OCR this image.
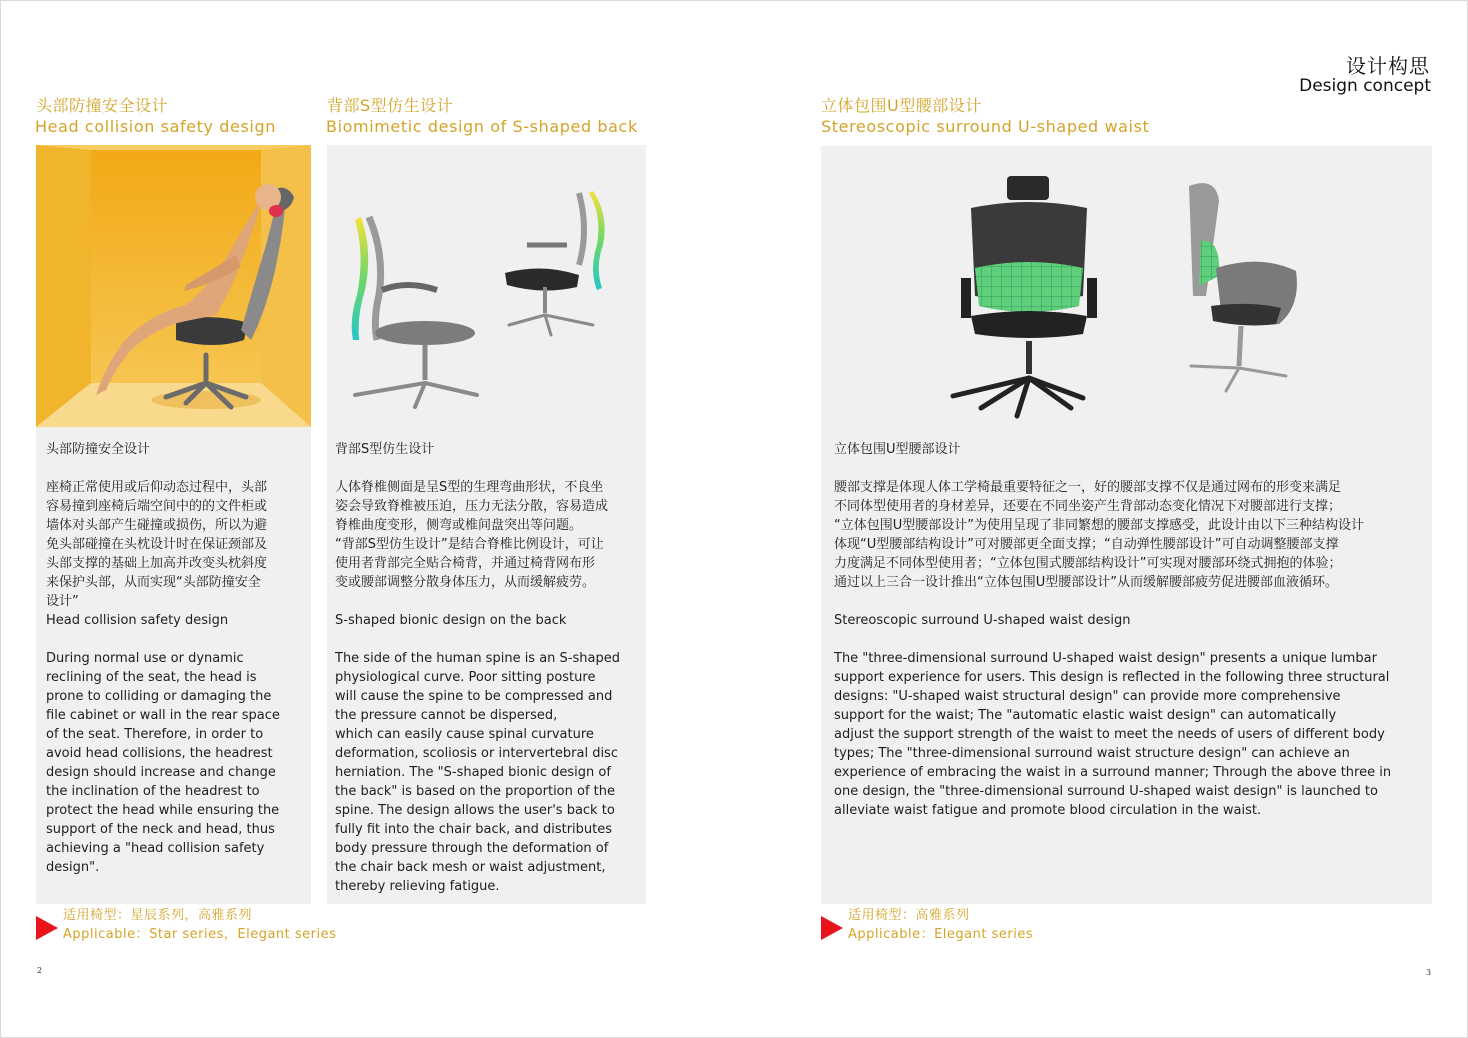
设计构思
Design concept
头部防撞安全设计
Head collision safety design
背部S型仿生设计
Biomimetic design of S-shaped back
立体包围U型腰部设计
Stereoscopic surround U-shaped waist

头部防撞安全设计

座椅正常使用或后仰动态过程中，头部

容易撞到座椅后端空间中的的文件柜或

墙体对头部产生碰撞或损伤，所以为避

免头部碰撞在头枕设计时在保证颈部及

头部支撑的基础上加高并改变头枕斜度

来保护头部，从而实现“头部防撞安全

设计”

Head collision safety design

During normal use or dynamic

reclining of the seat, the head is

prone to colliding or damaging the

file cabinet or wall in the rear space

of the seat. Therefore, in order to

avoid head collisions, the headrest

design should increase and change

the inclination of the headrest to

protect the head while ensuring the

support of the neck and head, thus

achieving a "head collision safety

design".

背部S型仿生设计

人体脊椎侧面是呈S型的生理弯曲形状，不良坐

姿会导致脊椎被压迫，压力无法分散，容易造成

脊椎曲度变形，侧弯或椎间盘突出等问题。

“背部S型仿生设计”是结合脊椎比例设计，可让

使用者背部完全贴合椅背，并通过椅背网布形

变或腰部调整分散身体压力，从而缓解疲劳。

S-shaped bionic design on the back

The side of the human spine is an S-shaped

physiological curve. Poor sitting posture

will cause the spine to be compressed and

the pressure cannot be dispersed,

which can easily cause spinal curvature

deformation, scoliosis or intervertebral disc

herniation. The "S-shaped bionic design of

the back" is based on the proportion of the

spine. The design allows the user's back to

fully fit into the chair back, and distributes

body pressure through the deformation of

the chair back mesh or waist adjustment,

thereby relieving fatigue.

立体包围U型腰部设计

腰部支撑是体现人体工学椅最重要特征之一，好的腰部支撑不仅是通过网布的形变来满足

不同体型使用者的身材差异，还要在不同坐姿产生背部动态变化情况下对腰部进行支撑；

“立体包围U型腰部设计”为使用呈现了非同繁想的腰部支撑感受，此设计由以下三种结构设计

体现“U型腰部结构设计”可对腰部更全面支撑；“自动弹性腰部设计”可自动调整腰部支撑

力度满足不同体型使用者；“立体包围式腰部结构设计”可实现对腰部环绕式拥抱的体验；

通过以上三合一设计推出“立体包围U型腰部设计”从而缓解腰部疲劳促进腰部血液循环。

Stereoscopic surround U-shaped waist design

The "three-dimensional surround U-shaped waist design" presents a unique lumbar

support experience for users. This design is reflected in the following three structural

designs: "U-shaped waist structural design" can provide more comprehensive

support for the waist; The "automatic elastic waist design" can automatically

adjust the support strength of the waist to meet the needs of users of different body

types; The "three-dimensional surround waist structure design" can achieve an

experience of embracing the waist in a surround manner; Through the above three in

one design, the "three-dimensional surround U-shaped waist design" is launched to

alleviate waist fatigue and promote blood circulation in the waist.

适用椅型：星辰系列，高雅系列
Applicable：Star series，Elegant series
适用椅型：高雅系列
Applicable：Elegant series
2	3
